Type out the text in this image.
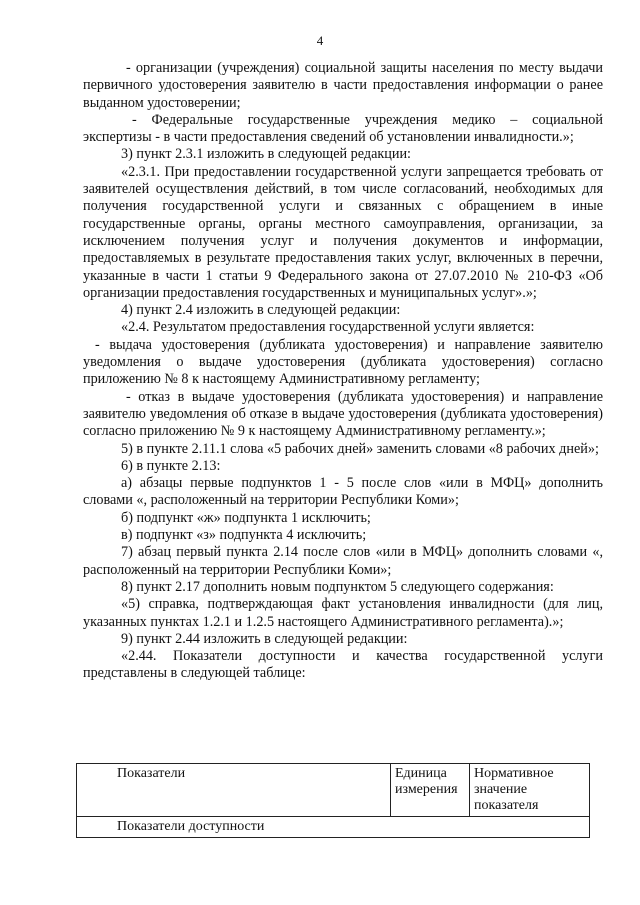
4

- организации (учреждения) социальной защиты населения по месту выдачи первичного удостоверения заявителю в части предоставления информации о ранее выданном удостоверении;

- Федеральные государственные учреждения медико – социальной экспертизы - в части предоставления сведений об установлении инвалидности.»;

3) пункт 2.3.1 изложить в следующей редакции:

«2.3.1. При предоставлении государственной услуги запрещается требовать от заявителей осуществления действий, в том числе согласований, необходимых для получения государственной услуги и связанных с обращением в иные государственные органы, органы местного самоуправления, организации, за исключением получения услуг и получения документов и информации, предоставляемых в результате предоставления таких услуг, включенных в перечни, указанные в части 1 статьи 9 Федерального закона от 27.07.2010 № 210-ФЗ «Об организации предоставления государственных и муниципальных услуг».»;

4) пункт 2.4 изложить в следующей редакции:

«2.4. Результатом предоставления государственной услуги является:

- выдача удостоверения (дубликата удостоверения) и направление заявителю уведомления о выдаче удостоверения (дубликата удостоверения) согласно приложению № 8 к настоящему Административному регламенту;

- отказ в выдаче удостоверения (дубликата удостоверения) и направление заявителю уведомления об отказе в выдаче удостоверения (дубликата удостоверения) согласно приложению № 9 к настоящему Административному регламенту.»;

5) в пункте 2.11.1 слова «5 рабочих дней» заменить словами «8 рабочих дней»;

6) в пункте 2.13:

а) абзацы первые подпунктов 1 - 5 после слов «или в МФЦ» дополнить словами «, расположенный на территории Республики Коми»;

б) подпункт «ж» подпункта 1 исключить;

в) подпункт «з» подпункта 4 исключить;

7) абзац первый пункта 2.14 после слов «или в МФЦ» дополнить словами «, расположенный на территории Республики Коми»;

8) пункт 2.17 дополнить новым подпунктом 5 следующего содержания:

«5) справка, подтверждающая факт установления инвалидности (для лиц, указанных пунктах 1.2.1 и 1.2.5 настоящего Административного регламента).»;

9) пункт 2.44 изложить в следующей редакции:

«2.44. Показатели доступности и качества государственной услуги представлены в следующей таблице:

Показатели	Единица измерения	Нормативное значение показателя
Показатели доступности
